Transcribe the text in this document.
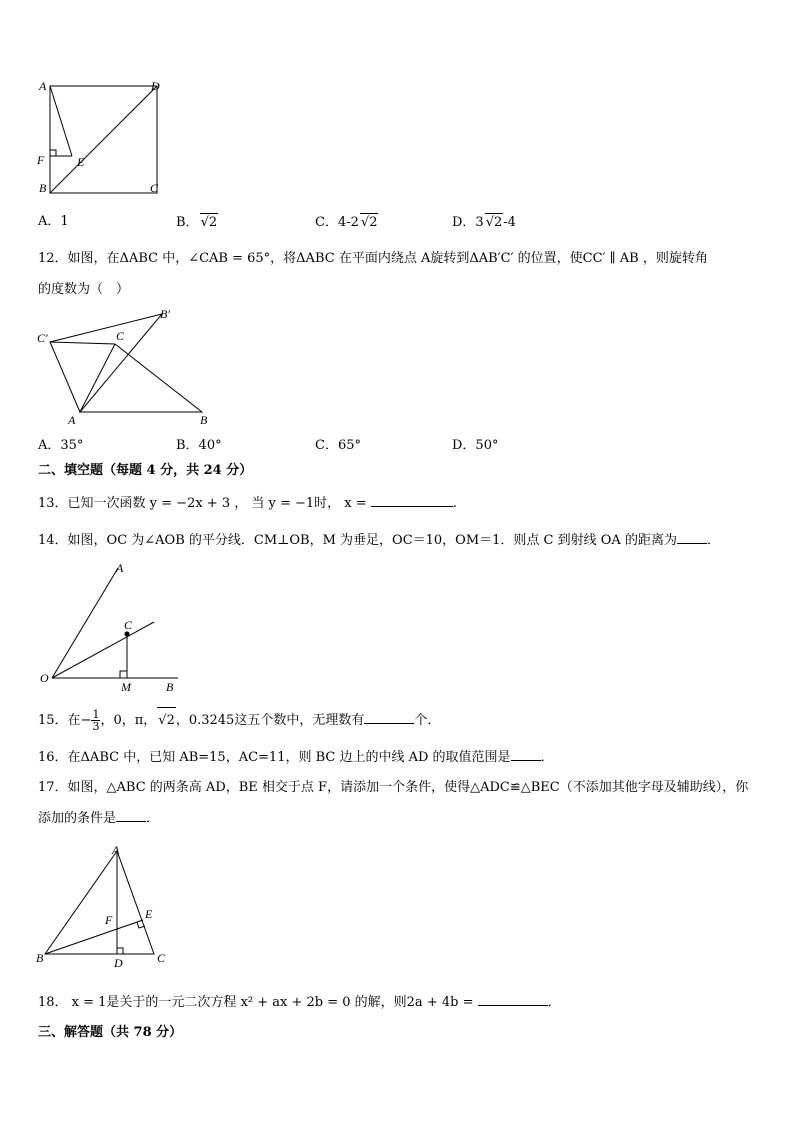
A	D
F	E
B	C
A．1	B． √2	C．4-2 √2	D．3 √2-4
12．如图，在ΔABC 中，∠CAB = 65°，将ΔABC 在平面内绕点 A旋转到ΔAB′C′ 的位置，使CC′ ∥ AB ，则旋转角
的度数为（　）
C′	C
B′
A	B
A．35°	B．40°	C．65°	D．50°
二、填空题（每题 4 分，共 24 分）
13．已知一次函数 y = −2x + 3 ， 当 y = −1时， x =	.
14．如图，OC 为∠AOB 的平分线．CM⊥OB，M 为垂足，OC＝10，OM＝1．则点 C 到射线 OA 的距离为 ．
A
C
O
M	B
15．在− $\frac{1}{3}$ ，0，π， √2，0.3245这五个数中，无理数有	个．
16．在ΔABC 中，已知 AB=15，AC=11，则 BC 边上的中线 AD 的取值范围是 ．
17．如图，△ABC 的两条高 AD，BE 相交于点 F，请添加一个条件，使得△ADC≌△BEC（不添加其他字母及辅助线），你
添加的条件是 ．
A
E
F
B	D	C
18． x = 1是关于的一元二次方程 x² + ax + 2b = 0 的解，则2a + 4b =	．
三、解答题（共 78 分）
